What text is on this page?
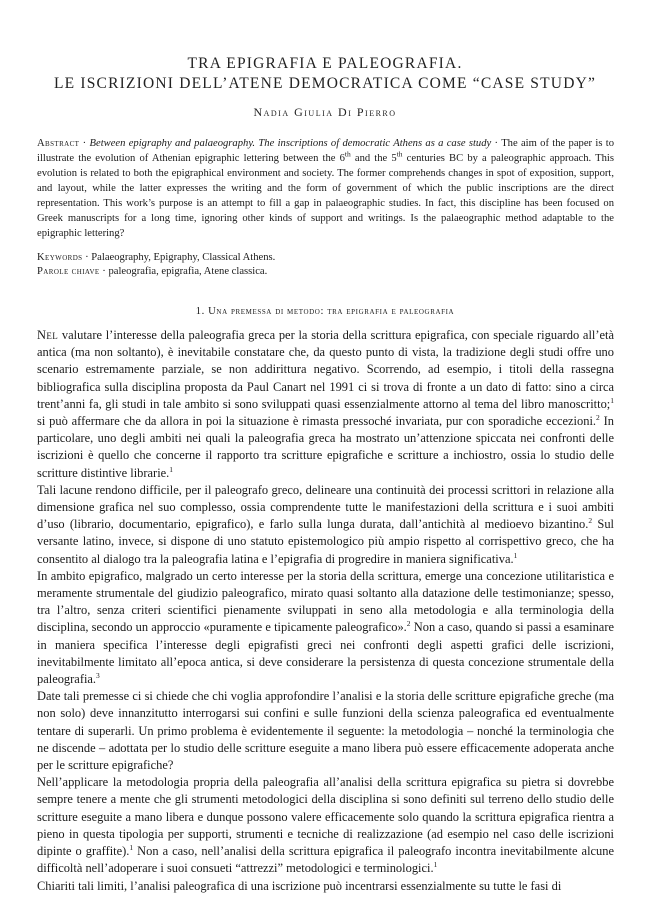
TRA EPIGRAFIA E PALEOGRAFIA.
LE ISCRIZIONI DELL’ATENE DEMOCRATICA COME “CASE STUDY”
Nadia Giulia Di Pierro

Abstract · Between epigraphy and palaeography. The inscriptions of democratic Athens as a case study · The aim of the paper is to illustrate the evolution of Athenian epigraphic lettering between the 6th and the 5th centuries BC by a paleographic approach. This evolution is related to both the epigraphical environment and society. The former comprehends changes in spot of exposition, support, and layout, while the latter expresses the writing and the form of government of which the public inscriptions are the direct representation. This work’s purpose is an attempt to fill a gap in palaeographic studies. In fact, this discipline has been focused on Greek manuscripts for a long time, ignoring other kinds of support and writings. Is the palaeographic method adaptable to the epigraphic lettering?

Keywords · Palaeography, Epigraphy, Classical Athens.

Parole chiave · paleografia, epigrafia, Atene classica.

1. Una premessa di metodo: tra epigrafia e paleografia

Nel valutare l’interesse della paleografia greca per la storia della scrittura epigrafica, con speciale riguardo all’età antica (ma non soltanto), è inevitabile constatare che, da questo punto di vista, la tradizione degli studi offre uno scenario estremamente parziale, se non addirittura negativo. Scorrendo, ad esempio, i titoli della rassegna bibliografica sulla disciplina proposta da Paul Canart nel 1991 ci si trova di fronte a un dato di fatto: sino a circa trent’anni fa, gli studi in tale ambito si sono sviluppati quasi essenzialmente attorno al tema del libro manoscritto;$^1$ si può affermare che da allora in poi la situazione è rimasta pressoché invariata, pur con sporadiche eccezioni.$^2$ In particolare, uno degli ambiti nei quali la paleografia greca ha mostrato un’attenzione spiccata nei confronti delle iscrizioni è quello che concerne il rapporto tra scritture epigrafiche e scritture a inchiostro, ossia lo studio delle scritture distintive librarie.$^1$

Tali lacune rendono difficile, per il paleografo greco, delineare una continuità dei processi scrittori in relazione alla dimensione grafica nel suo complesso, ossia comprendente tutte le manifestazioni della scrittura e i suoi ambiti d’uso (librario, documentario, epigrafico), e farlo sulla lunga durata, dall’antichità al medioevo bizantino.$^2$ Sul versante latino, invece, si dispone di uno statuto epistemologico più ampio rispetto al corrispettivo greco, che ha consentito al dialogo tra la paleografia latina e l’epigrafia di progredire in maniera significativa.$^1$

In ambito epigrafico, malgrado un certo interesse per la storia della scrittura, emerge una concezione utilitaristica e meramente strumentale del giudizio paleografico, mirato quasi soltanto alla datazione delle testimonianze; spesso, tra l’altro, senza criteri scientifici pienamente sviluppati in seno alla metodologia e alla terminologia della disciplina, secondo un approccio «puramente e tipicamente paleografico».$^2$ Non a caso, quando si passi a esaminare in maniera specifica l’interesse degli epigrafisti greci nei confronti degli aspetti grafici delle iscrizioni, inevitabilmente limitato all’epoca antica, si deve considerare la persistenza di questa concezione strumentale della paleografia.$^3$

Date tali premesse ci si chiede che chi voglia approfondire l’analisi e la storia delle scritture epigrafiche greche (ma non solo) deve innanzitutto interrogarsi sui confini e sulle funzioni della scienza paleografica ed eventualmente tentare di superarli. Un primo problema è evidentemente il seguente: la metodologia – nonché la terminologia che ne discende – adottata per lo studio delle scritture eseguite a mano libera può essere efficacemente adoperata anche per le scritture epigrafiche?

Nell’applicare la metodologia propria della paleografia all’analisi della scrittura epigrafica su pietra si dovrebbe sempre tenere a mente che gli strumenti metodologici della disciplina si sono definiti sul terreno dello studio delle scritture eseguite a mano libera e dunque possono valere efficacemente solo quando la scrittura epigrafica rientra a pieno in questa tipologia per supporti, strumenti e tecniche di realizzazione (ad esempio nel caso delle iscrizioni dipinte o graffite).$^1$ Non a caso, nell’analisi della scrittura epigrafica il paleografo incontra inevitabilmente alcune difficoltà nell’adoperare i suoi consueti “attrezzi” metodologici e terminologici.$^1$

Chiariti tali limiti, l’analisi paleografica di una iscrizione può incentrarsi essenzialmente su tutte le fasi di
